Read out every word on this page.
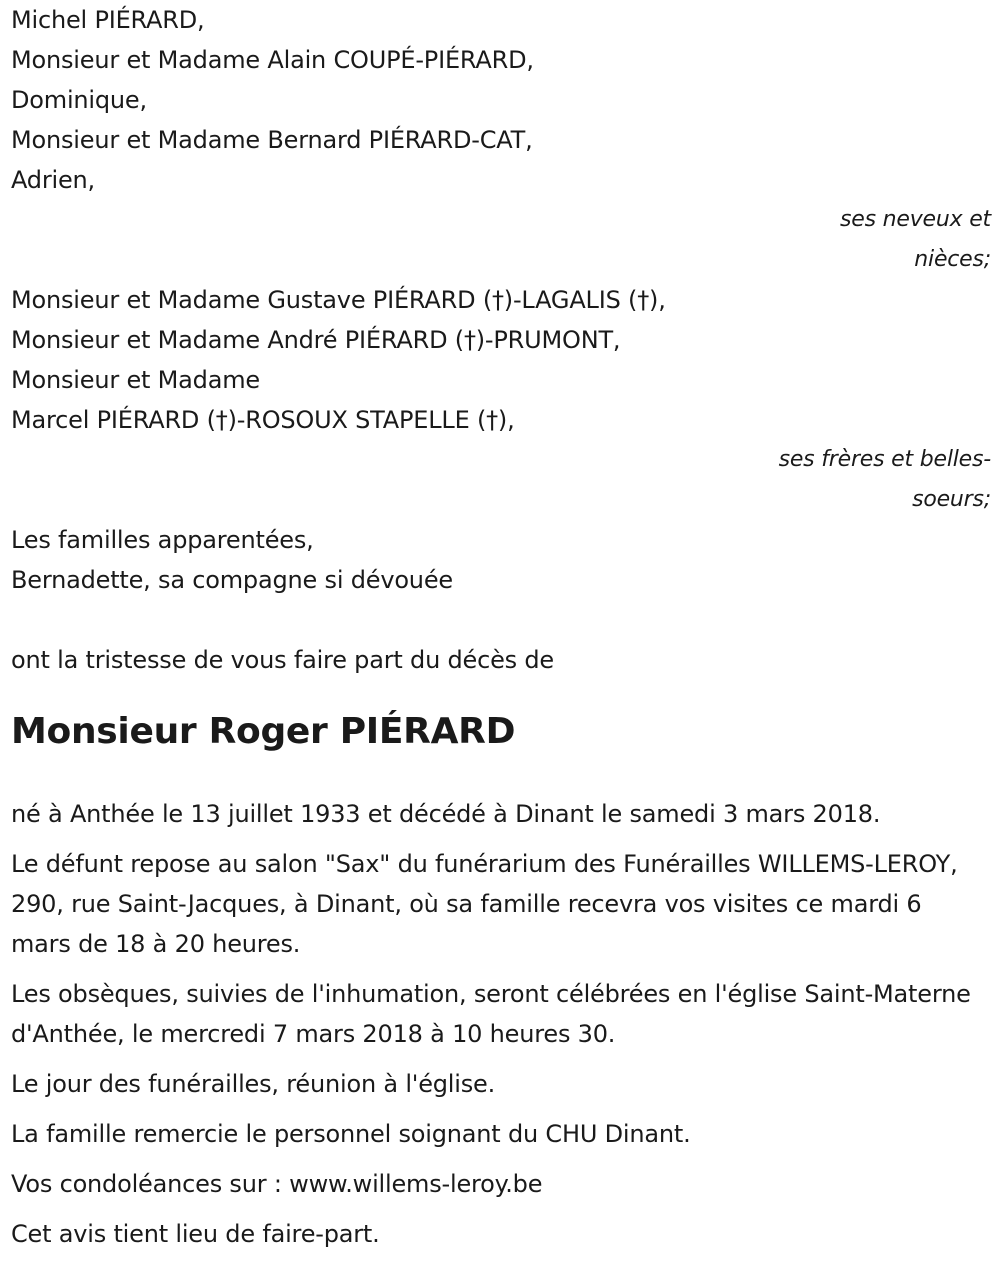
Michel PIÉRARD,
Monsieur et Madame Alain COUPÉ-PIÉRARD,
Dominique,
Monsieur et Madame Bernard PIÉRARD-CAT,
Adrien,
ses neveux et
nièces;
Monsieur et Madame Gustave PIÉRARD (†)-LAGALIS (†),
Monsieur et Madame André PIÉRARD (†)-PRUMONT,
Monsieur et Madame
Marcel PIÉRARD (†)-ROSOUX STAPELLE (†),
ses frères et belles-
soeurs;
Les familles apparentées,
Bernadette, sa compagne si dévouée
ont la tristesse de vous faire part du décès de
Monsieur Roger PIÉRARD
né à Anthée le 13 juillet 1933 et décédé à Dinant le samedi 3 mars 2018.
Le défunt repose au salon "Sax" du funérarium des Funérailles WILLEMS-LEROY, 290, rue Saint-Jacques, à Dinant, où sa famille recevra vos visites ce mardi 6 mars de 18 à 20 heures.
Les obsèques, suivies de l'inhumation, seront célébrées en l'église Saint-Materne d'Anthée, le mercredi 7 mars 2018 à 10 heures 30.
Le jour des funérailles, réunion à l'église.
La famille remercie le personnel soignant du CHU Dinant.
Vos condoléances sur : www.willems-leroy.be
Cet avis tient lieu de faire-part.
